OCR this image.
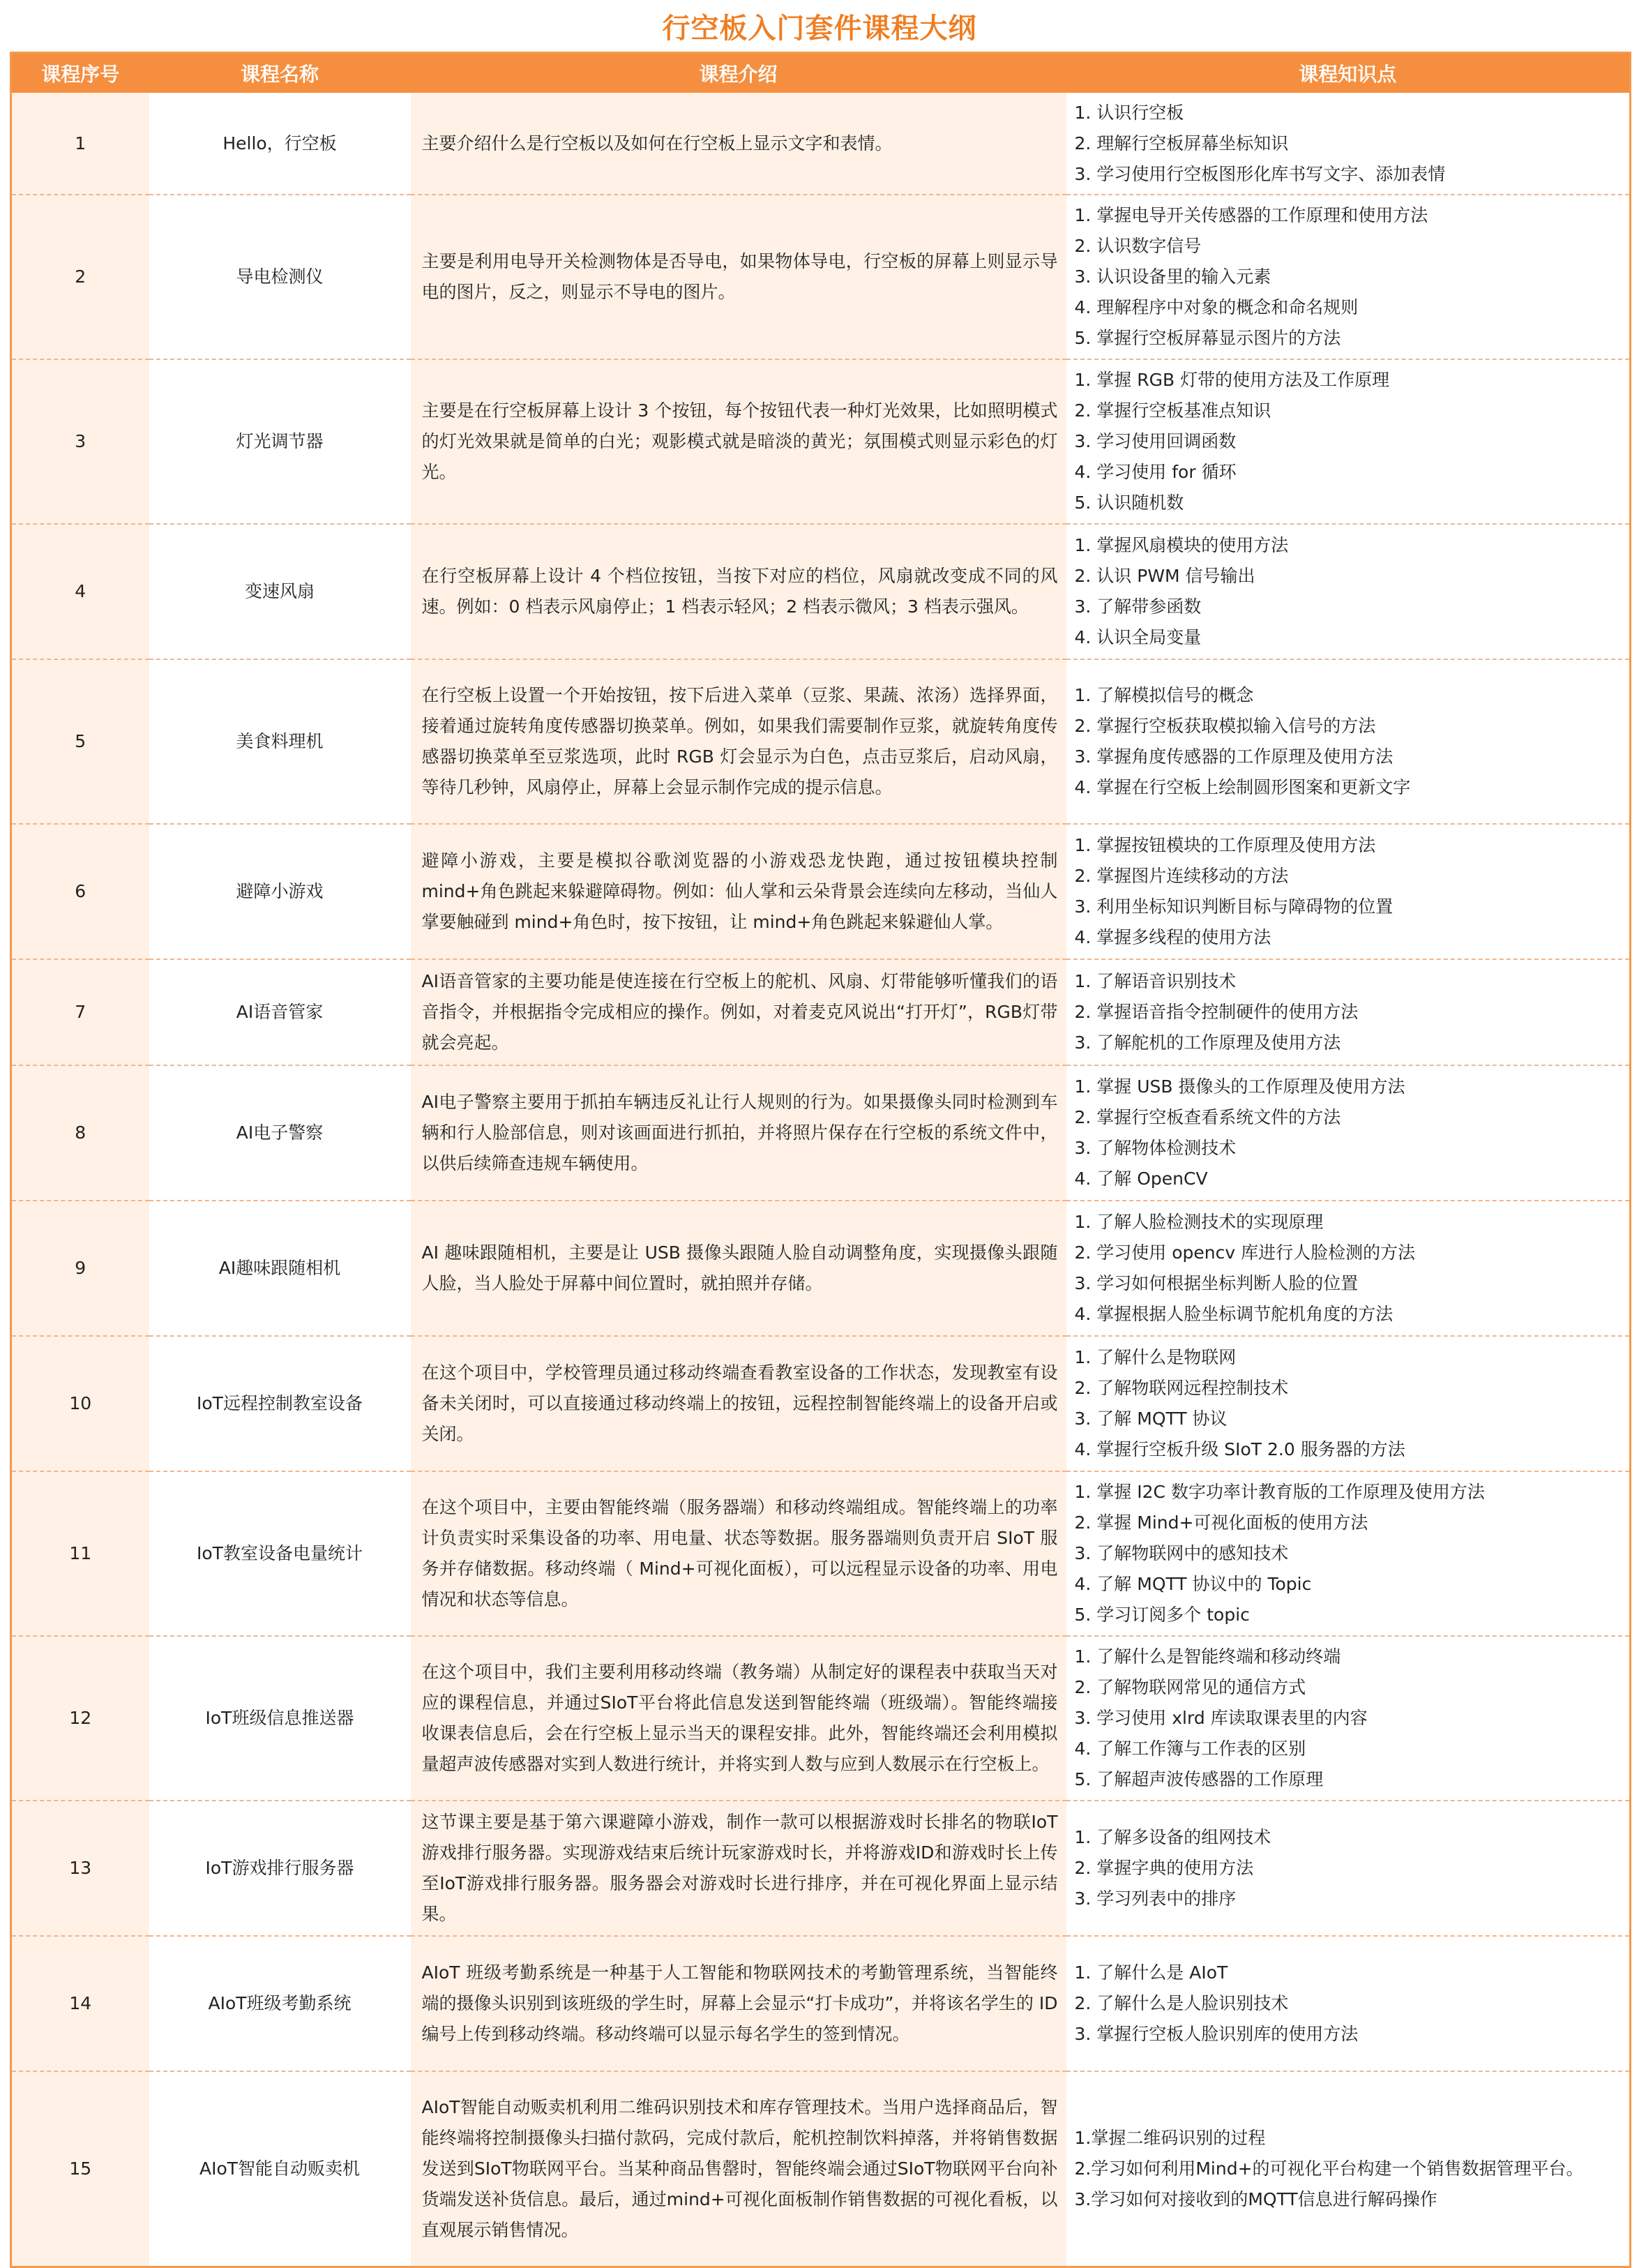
行空板入门套件课程大纲
课程序号	课程名称	课程介绍	课程知识点
1	Hello，行空板	主要介绍什么是行空板以及如何在行空板上显示文字和表情。	1. 认识行空板
2. 理解行空板屏幕坐标知识
3. 学习使用行空板图形化库书写文字、添加表情

2	导电检测仪	主要是利用电导开关检测物体是否导电，如果物体导电，行空板的屏幕上则显示导电的图片，反之，则显示不导电的图片。	1. 掌握电导开关传感器的工作原理和使用方法
2. 认识数字信号
3. 认识设备里的输入元素
4. 理解程序中对象的概念和命名规则
5. 掌握行空板屏幕显示图片的方法

3	灯光调节器	主要是在行空板屏幕上设计 3 个按钮，每个按钮代表一种灯光效果，比如照明模式的灯光效果就是简单的白光；观影模式就是暗淡的黄光；氛围模式则显示彩色的灯光。	1. 掌握 RGB 灯带的使用方法及工作原理
2. 掌握行空板基准点知识
3. 学习使用回调函数
4. 学习使用 for 循环
5. 认识随机数

4	变速风扇	在行空板屏幕上设计 4 个档位按钮，当按下对应的档位，风扇就改变成不同的风速。例如：0 档表示风扇停止；1 档表示轻风；2 档表示微风；3 档表示强风。	1. 掌握风扇模块的使用方法
2. 认识 PWM 信号输出
3. 了解带参函数
4. 认识全局变量

5	美食料理机	在行空板上设置一个开始按钮，按下后进入菜单（豆浆、果蔬、浓汤）选择界面，接着通过旋转角度传感器切换菜单。例如，如果我们需要制作豆浆，就旋转角度传感器切换菜单至豆浆选项，此时 RGB 灯会显示为白色，点击豆浆后，启动风扇，等待几秒钟，风扇停止，屏幕上会显示制作完成的提示信息。	1. 了解模拟信号的概念
2. 掌握行空板获取模拟输入信号的方法
3. 掌握角度传感器的工作原理及使用方法
4. 掌握在行空板上绘制圆形图案和更新文字

6	避障小游戏	避障小游戏，主要是模拟谷歌浏览器的小游戏恐龙快跑，通过按钮模块控制 mind+角色跳起来躲避障碍物。例如：仙人掌和云朵背景会连续向左移动，当仙人掌要触碰到 mind+角色时，按下按钮，让 mind+角色跳起来躲避仙人掌。	1. 掌握按钮模块的工作原理及使用方法
2. 掌握图片连续移动的方法
3. 利用坐标知识判断目标与障碍物的位置
4. 掌握多线程的使用方法

7	AI语音管家	AI语音管家的主要功能是使连接在行空板上的舵机、风扇、灯带能够听懂我们的语音指令，并根据指令完成相应的操作。例如，对着麦克风说出“打开灯”，RGB灯带就会亮起。	1. 了解语音识别技术
2. 掌握语音指令控制硬件的使用方法
3. 了解舵机的工作原理及使用方法

8	AI电子警察	AI电子警察主要用于抓拍车辆违反礼让行人规则的行为。如果摄像头同时检测到车辆和行人脸部信息，则对该画面进行抓拍，并将照片保存在行空板的系统文件中，以供后续筛查违规车辆使用。	1. 掌握 USB 摄像头的工作原理及使用方法
2. 掌握行空板查看系统文件的方法
3. 了解物体检测技术
4. 了解 OpenCV

9	AI趣味跟随相机	AI 趣味跟随相机，主要是让 USB 摄像头跟随人脸自动调整角度，实现摄像头跟随人脸，当人脸处于屏幕中间位置时，就拍照并存储。	1. 了解人脸检测技术的实现原理
2. 学习使用 opencv 库进行人脸检测的方法
3. 学习如何根据坐标判断人脸的位置
4. 掌握根据人脸坐标调节舵机角度的方法

10	IoT远程控制教室设备	在这个项目中，学校管理员通过移动终端查看教室设备的工作状态，发现教室有设备未关闭时，可以直接通过移动终端上的按钮，远程控制智能终端上的设备开启或关闭。	1. 了解什么是物联网
2. 了解物联网远程控制技术
3. 了解 MQTT 协议
4. 掌握行空板升级 SIoT 2.0 服务器的方法

11	IoT教室设备电量统计	在这个项目中，主要由智能终端（服务器端）和移动终端组成。智能终端上的功率计负责实时采集设备的功率、用电量、状态等数据。服务器端则负责开启 SIoT 服务并存储数据。移动终端（ Mind+可视化面板），可以远程显示设备的功率、用电情况和状态等信息。	1. 掌握 I2C 数字功率计教育版的工作原理及使用方法
2. 掌握 Mind+可视化面板的使用方法
3. 了解物联网中的感知技术
4. 了解 MQTT 协议中的 Topic
5. 学习订阅多个 topic

12	IoT班级信息推送器	在这个项目中，我们主要利用移动终端（教务端）从制定好的课程表中获取当天对应的课程信息，并通过SIoT平台将此信息发送到智能终端（班级端）。智能终端接收课表信息后，会在行空板上显示当天的课程安排。此外，智能终端还会利用模拟量超声波传感器对实到人数进行统计，并将实到人数与应到人数展示在行空板上。	1. 了解什么是智能终端和移动终端
2. 了解物联网常见的通信方式
3. 学习使用 xlrd 库读取课表里的内容
4. 了解工作簿与工作表的区别
5. 了解超声波传感器的工作原理

13	IoT游戏排行服务器	这节课主要是基于第六课避障小游戏，制作一款可以根据游戏时长排名的物联IoT游戏排行服务器。实现游戏结束后统计玩家游戏时长，并将游戏ID和游戏时长上传至IoT游戏排行服务器。服务器会对游戏时长进行排序，并在可视化界面上显示结果。	1. 了解多设备的组网技术
2. 掌握字典的使用方法
3. 学习列表中的排序

14	AIoT班级考勤系统	AIoT 班级考勤系统是一种基于人工智能和物联网技术的考勤管理系统，当智能终端的摄像头识别到该班级的学生时，屏幕上会显示“打卡成功”，并将该名学生的 ID 编号上传到移动终端。移动终端可以显示每名学生的签到情况。	1. 了解什么是 AIoT
2. 了解什么是人脸识别技术
3. 掌握行空板人脸识别库的使用方法

15	AIoT智能自动贩卖机	AIoT智能自动贩卖机利用二维码识别技术和库存管理技术。当用户选择商品后，智能终端将控制摄像头扫描付款码，完成付款后，舵机控制饮料掉落，并将销售数据发送到SIoT物联网平台。当某种商品售罄时，智能终端会通过SIoT物联网平台向补货端发送补货信息。最后，通过mind+可视化面板制作销售数据的可视化看板，以直观展示销售情况。	1.掌握二维码识别的过程
2.学习如何利用Mind+的可视化平台构建一个销售数据管理平台。
3.学习如何对接收到的MQTT信息进行解码操作
